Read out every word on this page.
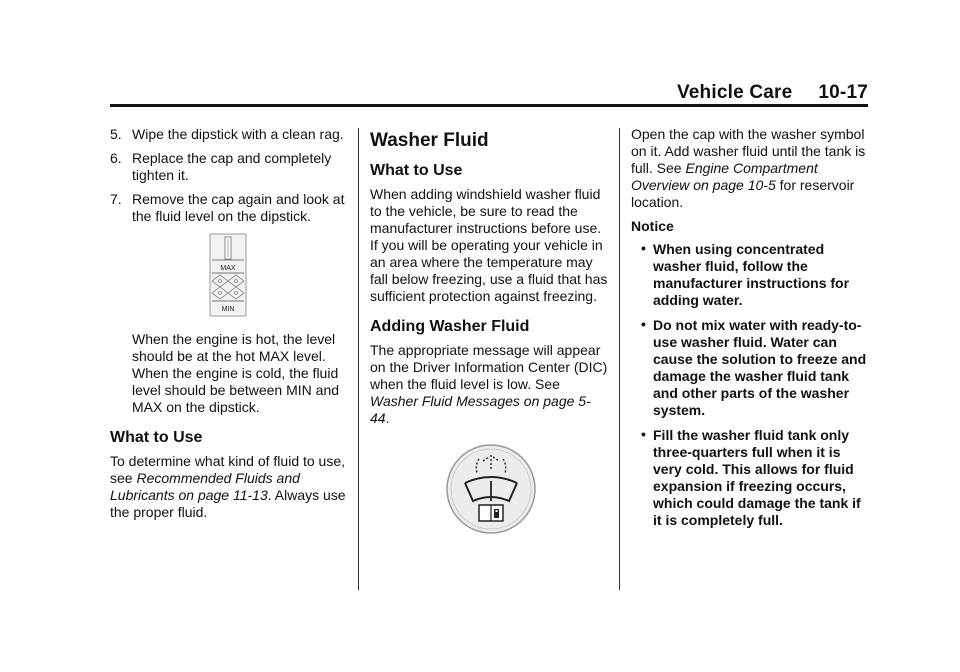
Vehicle Care 10-17
5. Wipe the dipstick with a clean rag.
6. Replace the cap and completely tighten it.
7. Remove the cap again and look at the fluid level on the dipstick.
MAX
MIN

When the engine is hot, the level should be at the hot MAX level. When the engine is cold, the fluid level should be between MIN and MAX on the dipstick.

What to Use

To determine what kind of fluid to use, see Recommended Fluids and Lubricants on page 11-13. Always use the proper fluid.

Washer Fluid
What to Use

When adding windshield washer fluid to the vehicle, be sure to read the manufacturer instructions before use. If you will be operating your vehicle in an area where the temperature may fall below freezing, use a fluid that has sufficient protection against freezing.

Adding Washer Fluid

The appropriate message will appear on the Driver Information Center (DIC) when the fluid level is low. See Washer Fluid Messages on page 5-44.

Open the cap with the washer symbol on it. Add washer fluid until the tank is full. See Engine Compartment Overview on page 10-5 for reservoir location.

Notice
• When using concentrated washer fluid, follow the manufacturer instructions for adding water.
• Do not mix water with ready-to-use washer fluid. Water can cause the solution to freeze and damage the washer fluid tank and other parts of the washer system.
• Fill the washer fluid tank only three-quarters full when it is very cold. This allows for fluid expansion if freezing occurs, which could damage the tank if it is completely full.
